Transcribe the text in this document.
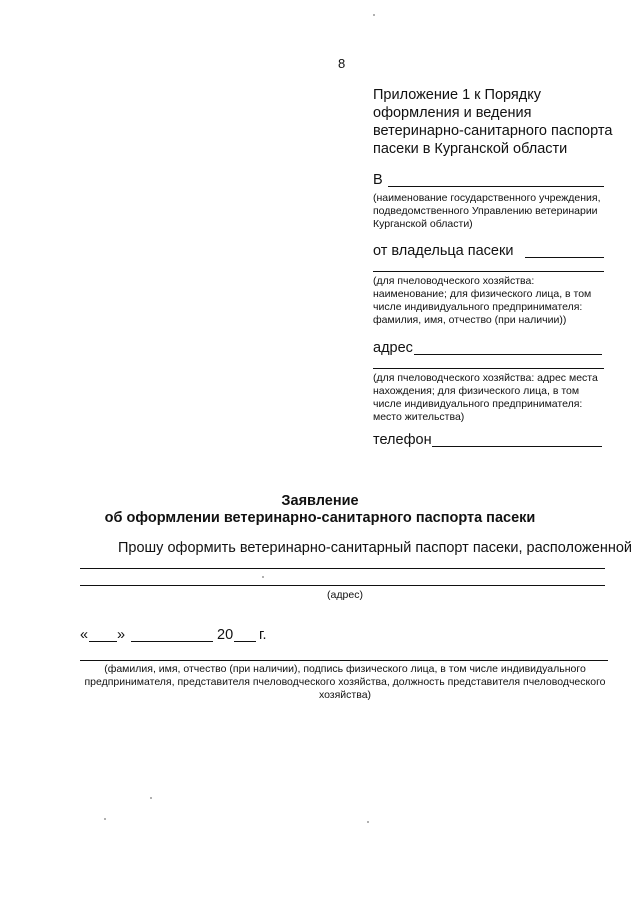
8
Приложение 1 к Порядку
оформления и ведения
ветеринарно-санитарного паспорта
пасеки в Курганской области
В
(наименование государственного учреждения, подведомственного Управлению ветеринарии Курганской области)
от владельца пасеки
(для пчеловодческого хозяйства: наименование; для физического лица, в том числе индивидуального предпринимателя: фамилия, имя, отчество (при наличии))
адрес
(для пчеловодческого хозяйства: адрес места нахождения; для физического лица, в том числе индивидуального предпринимателя: место жительства)
телефон
Заявление
об оформлении ветеринарно-санитарного паспорта пасеки
Прошу оформить ветеринарно-санитарный паспорт пасеки, расположенной
(адрес)
« »	20 г.
(фамилия, имя, отчество (при наличии), подпись физического лица, в том числе индивидуального предпринимателя, представителя пчеловодческого хозяйства, должность представителя пчеловодческого хозяйства)
